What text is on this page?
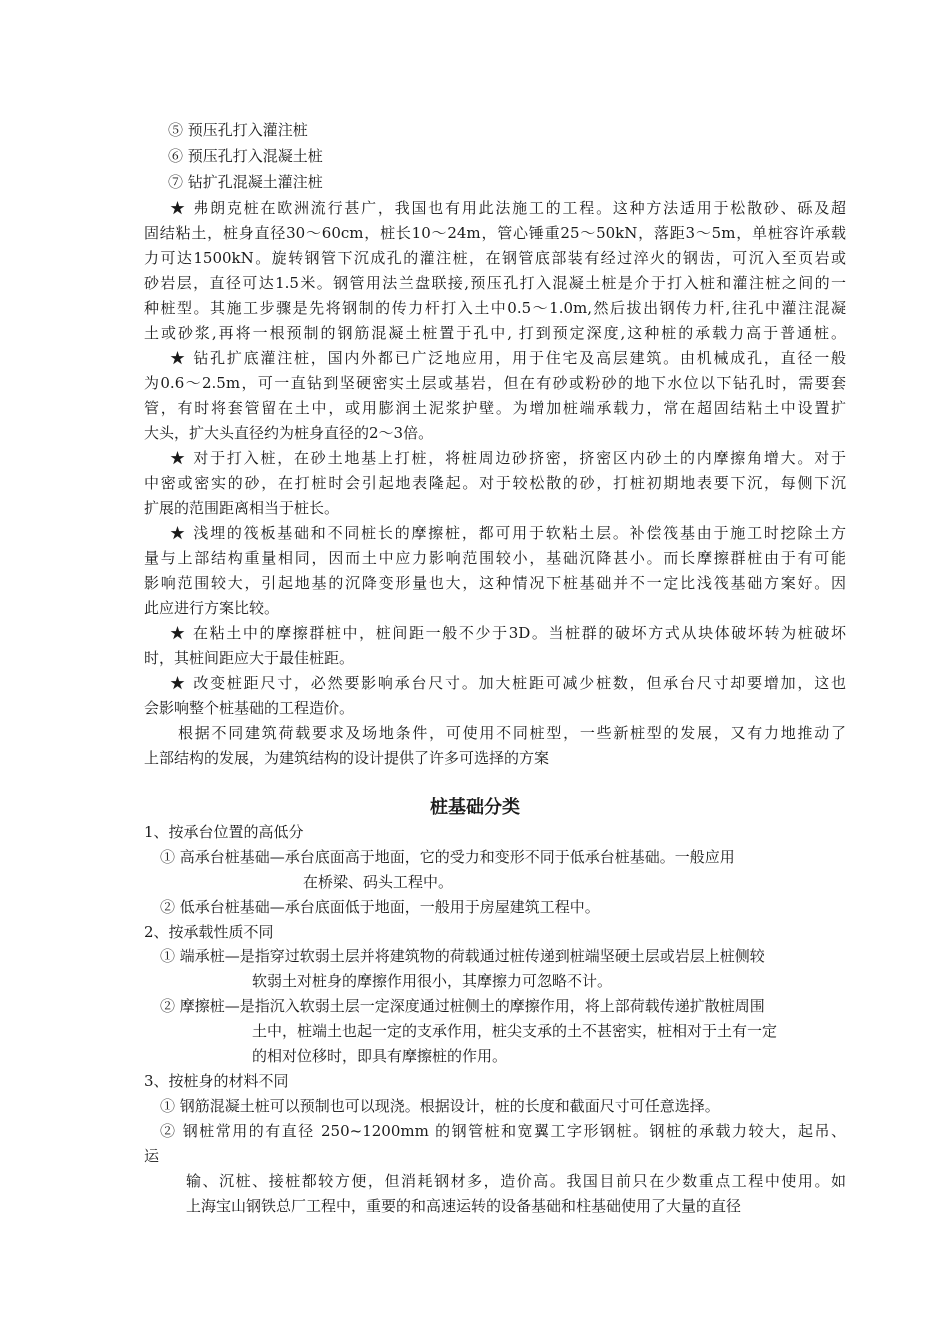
⑤ 预压孔打入灌注桩
⑥ 预压孔打入混凝土桩
⑦ 钻扩孔混凝土灌注桩
★ 弗朗克桩在欧洲流行甚广，我国也有用此法施工的工程。这种方法适用于松散砂、砾及超
固结粘土，桩身直径30～60cm，桩长10～24m，管心锤重25～50kN，落距3～5m，单桩容许承载
力可达1500kN。旋转钢管下沉成孔的灌注桩，在钢管底部装有经过淬火的钢齿，可沉入至页岩或
砂岩层，直径可达1.5米。钢管用法兰盘联接,预压孔打入混凝土桩是介于打入桩和灌注桩之间的一
种桩型。其施工步骤是先将钢制的传力杆打入土中0.5～1.0m,然后拔出钢传力杆,往孔中灌注混凝
土或砂浆,再将一根预制的钢筋混凝土桩置于孔中, 打到预定深度,这种桩的承载力高于普通桩。
★ 钻孔扩底灌注桩，国内外都已广泛地应用，用于住宅及高层建筑。由机械成孔，直径一般
为0.6～2.5m，可一直钻到坚硬密实土层或基岩，但在有砂或粉砂的地下水位以下钻孔时，需要套
管，有时将套管留在土中，或用膨润土泥浆护壁。为增加桩端承载力，常在超固结粘土中设置扩
大头，扩大头直径约为桩身直径的2～3倍。
★ 对于打入桩，在砂土地基上打桩，将桩周边砂挤密，挤密区内砂土的内摩擦角增大。对于
中密或密实的砂，在打桩时会引起地表隆起。对于较松散的砂，打桩初期地表要下沉，每侧下沉
扩展的范围距离相当于桩长。
★ 浅埋的筏板基础和不同桩长的摩擦桩，都可用于软粘土层。补偿筏基由于施工时挖除土方
量与上部结构重量相同，因而土中应力影响范围较小，基础沉降甚小。而长摩擦群桩由于有可能
影响范围较大，引起地基的沉降变形量也大，这种情况下桩基础并不一定比浅筏基础方案好。因
此应进行方案比较。
★ 在粘土中的摩擦群桩中，桩间距一般不少于3D。当桩群的破坏方式从块体破坏转为桩破坏
时，其桩间距应大于最佳桩距。
★ 改变桩距尺寸，必然要影响承台尺寸。加大桩距可减少桩数，但承台尺寸却要增加，这也
会影响整个桩基础的工程造价。
根据不同建筑荷载要求及场地条件，可使用不同桩型，一些新桩型的发展，又有力地推动了
上部结构的发展，为建筑结构的设计提供了许多可选择的方案
桩基础分类
1、按承台位置的高低分
① 高承台桩基础—承台底面高于地面，它的受力和变形不同于低承台桩基础。一般应用
在桥梁、码头工程中。
② 低承台桩基础—承台底面低于地面，一般用于房屋建筑工程中。
2、按承载性质不同
① 端承桩—是指穿过软弱土层并将建筑物的荷载通过桩传递到桩端坚硬土层或岩层上桩侧较
软弱土对桩身的摩擦作用很小，其摩擦力可忽略不计。
② 摩擦桩—是指沉入软弱土层一定深度通过桩侧土的摩擦作用，将上部荷载传递扩散桩周围
土中，桩端土也起一定的支承作用，桩尖支承的土不甚密实，桩相对于土有一定
的相对位移时，即具有摩擦桩的作用。
3、按桩身的材料不同
① 钢筋混凝土桩可以预制也可以现浇。根据设计，桩的长度和截面尺寸可任意选择。
② 钢桩常用的有直径 250~1200mm 的钢管桩和宽翼工字形钢桩。钢桩的承载力较大，起吊、
运
输、沉桩、接桩都较方便，但消耗钢材多，造价高。我国目前只在少数重点工程中使用。如
上海宝山钢铁总厂工程中，重要的和高速运转的设备基础和柱基础使用了大量的直径
